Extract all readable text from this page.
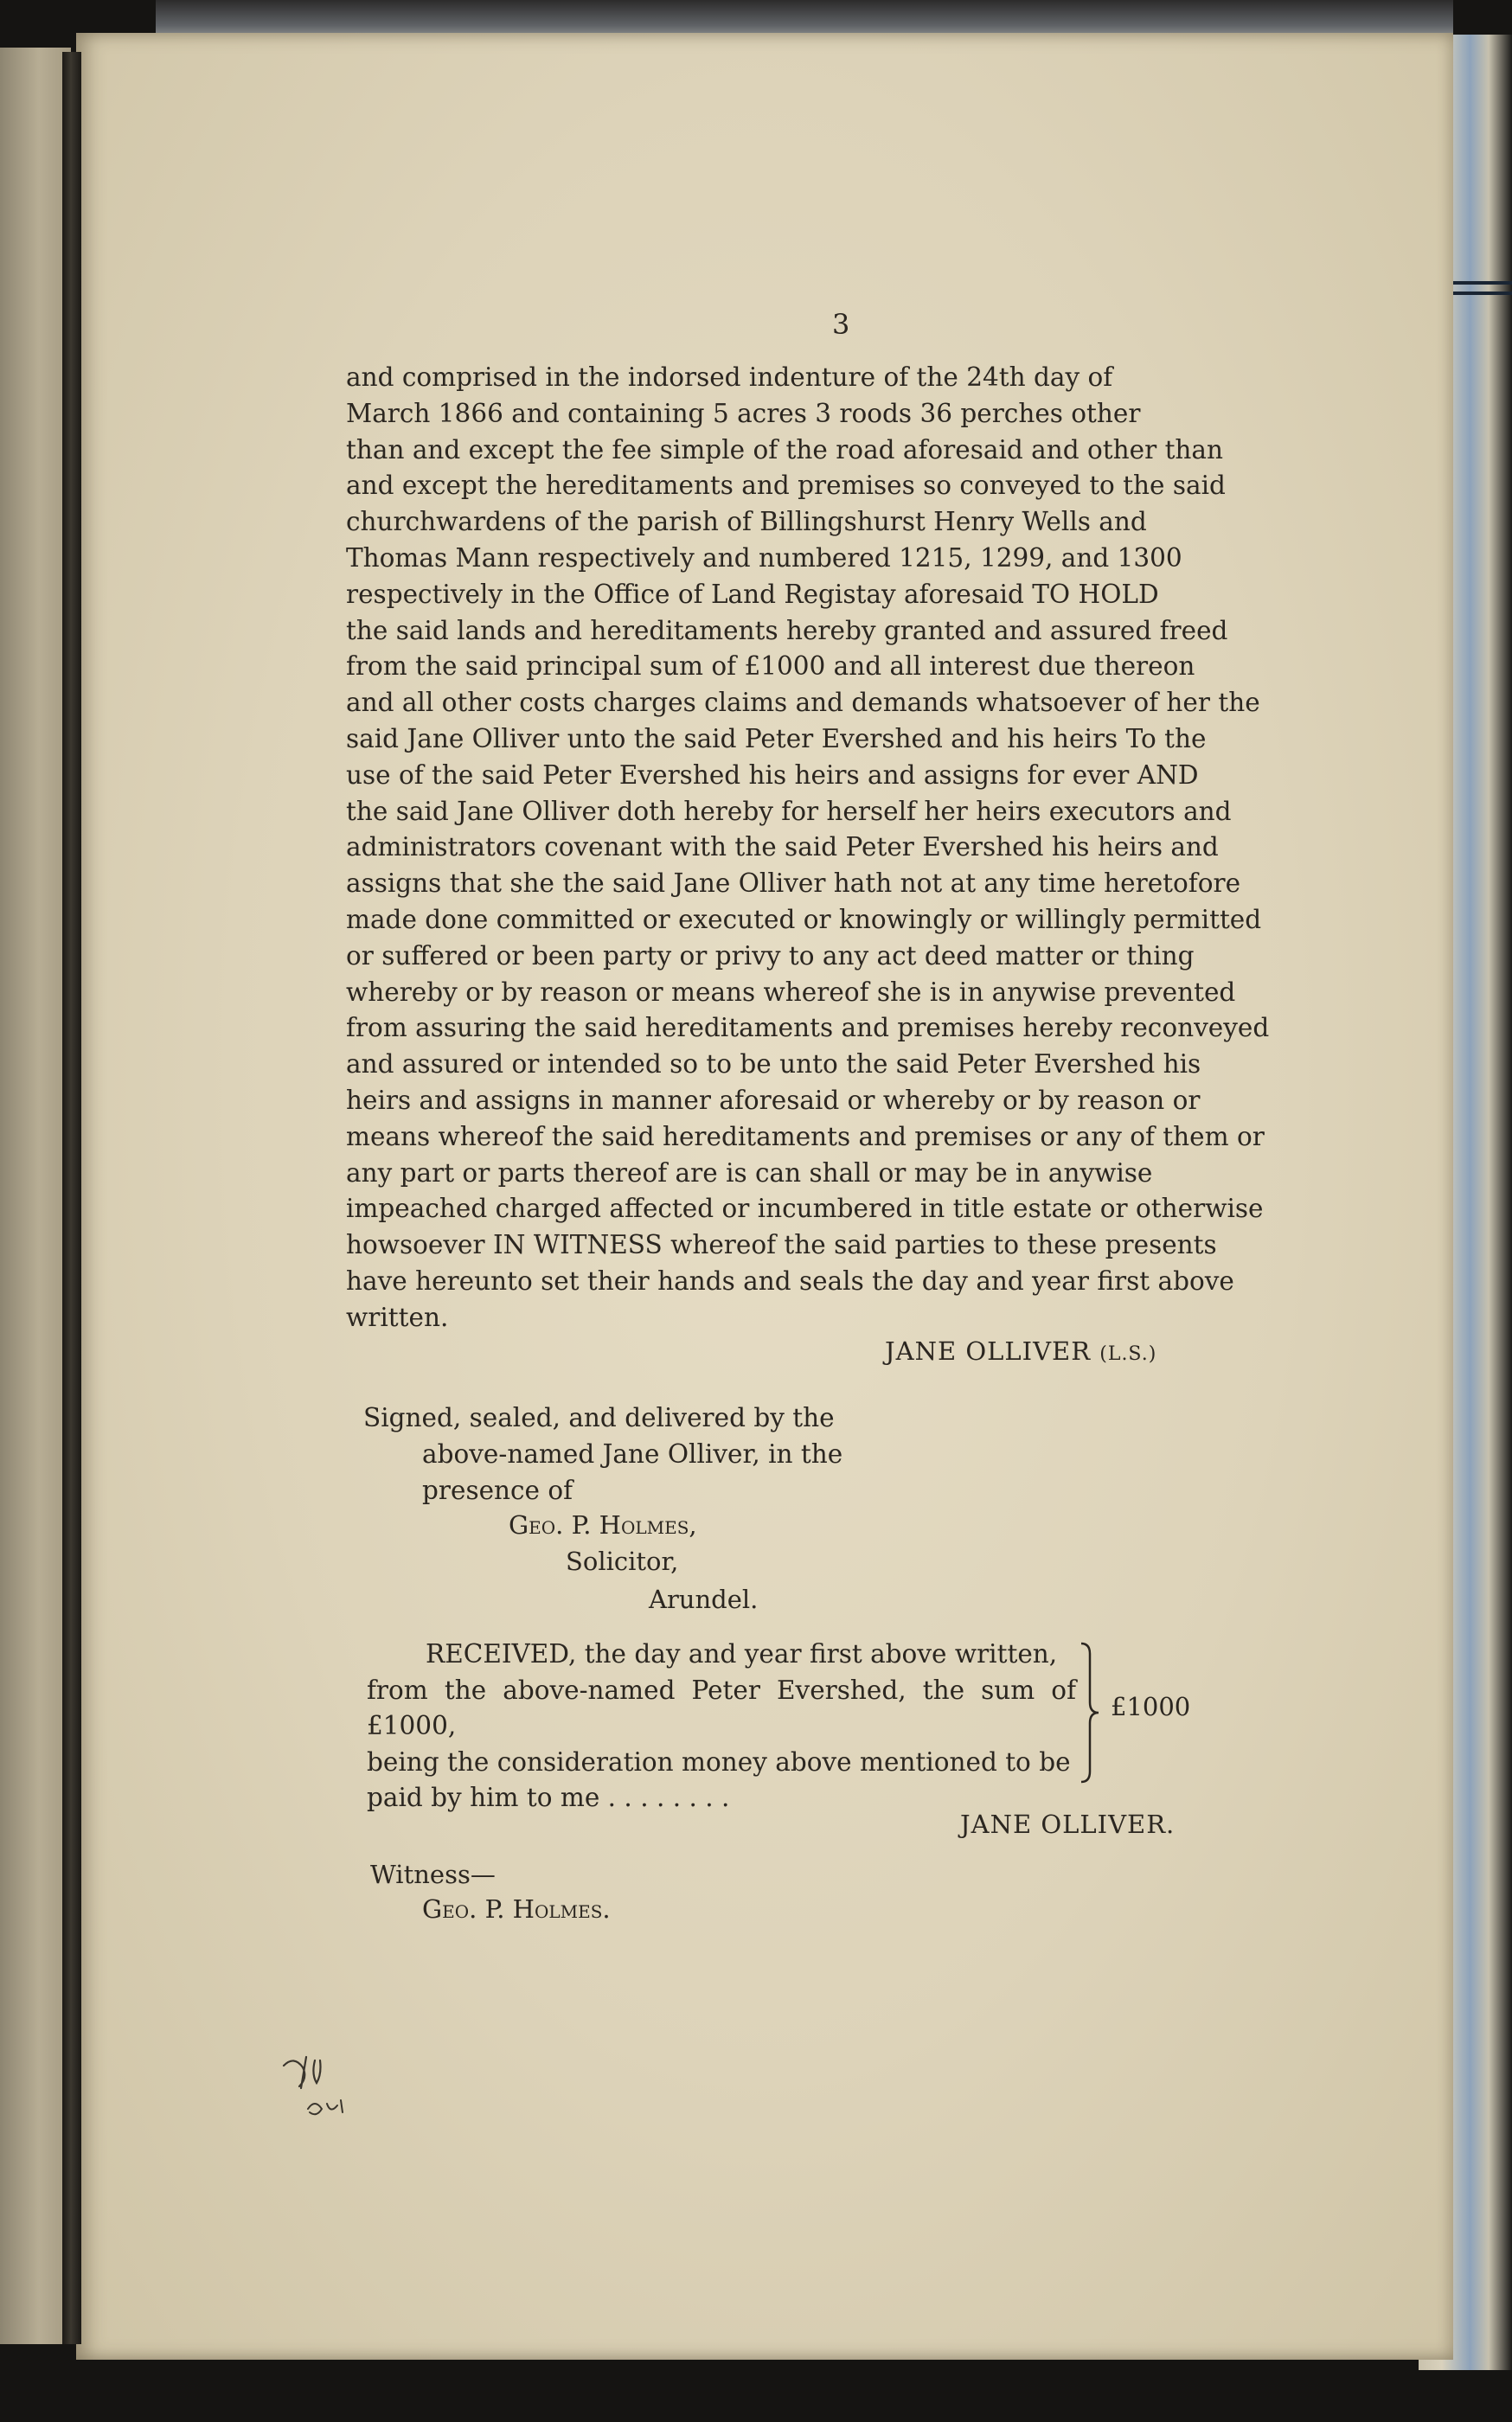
3
and comprised in the indorsed indenture of the 24th day of
March 1866 and containing 5 acres 3 roods 36 perches other
than and except the fee simple of the road aforesaid and other than
and except the hereditaments and premises so conveyed to the said
churchwardens of the parish of Billingshurst Henry Wells and
Thomas Mann respectively and numbered 1215, 1299, and 1300
respectively in the Office of Land Registay aforesaid TO HOLD
the said lands and hereditaments hereby granted and assured freed
from the said principal sum of £1000 and all interest due thereon
and all other costs charges claims and demands whatsoever of her the
said Jane Olliver unto the said Peter Evershed and his heirs To the
use of the said Peter Evershed his heirs and assigns for ever AND
the said Jane Olliver doth hereby for herself her heirs executors and
administrators covenant with the said Peter Evershed his heirs and
assigns that she the said Jane Olliver hath not at any time heretofore
made done committed or executed or knowingly or willingly permitted
or suffered or been party or privy to any act deed matter or thing
whereby or by reason or means whereof she is in anywise prevented
from assuring the said hereditaments and premises hereby reconveyed
and assured or intended so to be unto the said Peter Evershed his
heirs and assigns in manner aforesaid or whereby or by reason or
means whereof the said hereditaments and premises or any of them or
any part or parts thereof are is can shall or may be in anywise
impeached charged affected or incumbered in title estate or otherwise
howsoever IN WITNESS whereof the said parties to these presents
have hereunto set their hands and seals the day and year first above
written.
JANE OLLIVER (L.S.)
Signed, sealed, and delivered by the
above-named Jane Olliver, in the
presence of
Geo. P. Holmes,
Solicitor,
Arundel.
RECEIVED, the day and year first above written,
from the above-named Peter Evershed, the sum of £1000,
being the consideration money above mentioned to be
paid by him to me . . . . . . . .
£1000
JANE OLLIVER.
Witness—
Geo. P. Holmes.
